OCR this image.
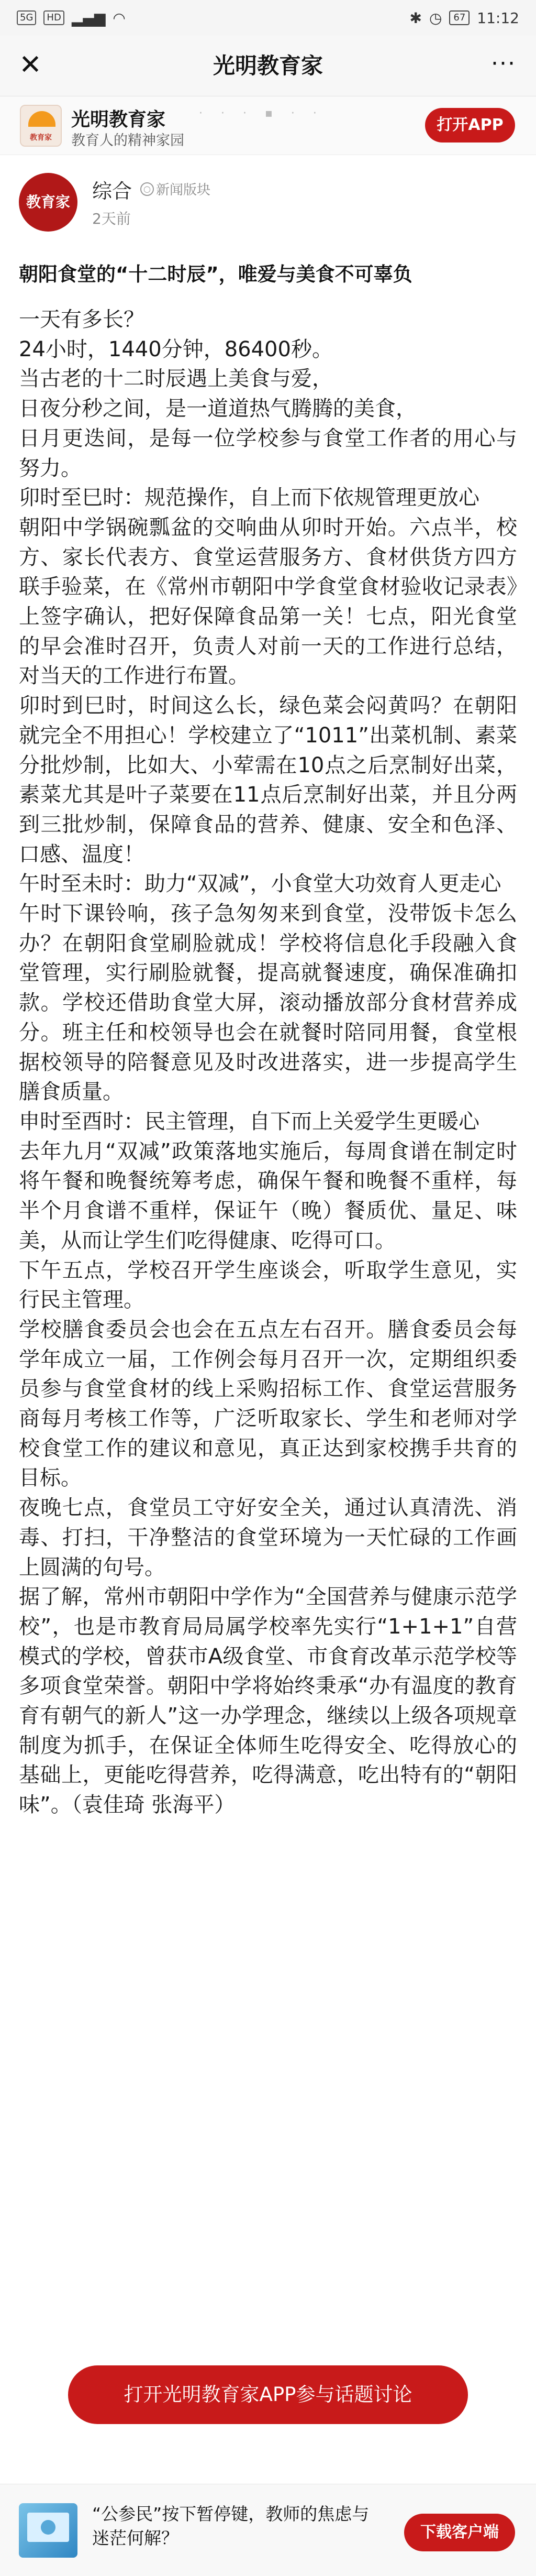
5G	HD ▂▄▆ ◠	✱ ◷	67 11:12
✕	光明教育家	···
教育家
光明教育家
教育人的精神家园
· · · ▪ · ·
打开APP
教育家	综合	○ 新闻版块
2天前
朝阳食堂的“十二时辰”，唯爱与美食不可辜负

一天有多长？

24小时，1440分钟，86400秒。

当古老的十二时辰遇上美食与爱，

日夜分秒之间，是一道道热气腾腾的美食，

日月更迭间，是每一位学校参与食堂工作者的用心与努力。

卯时至巳时：规范操作，自上而下依规管理更放心

朝阳中学锅碗瓢盆的交响曲从卯时开始。六点半，校方、家长代表方、食堂运营服务方、食材供货方四方联手验菜，在《常州市朝阳中学食堂食材验收记录表》上签字确认，把好保障食品第一关！七点，阳光食堂的早会准时召开，负责人对前一天的工作进行总结，对当天的工作进行布置。

卯时到巳时，时间这么长，绿色菜会闷黄吗？在朝阳就完全不用担心！学校建立了“1011”出菜机制、素菜分批炒制，比如大、小荤需在10点之后烹制好出菜，素菜尤其是叶子菜要在11点后烹制好出菜，并且分两到三批炒制，保障食品的营养、健康、安全和色泽、口感、温度！

午时至未时：助力“双减”，小食堂大功效育人更走心

午时下课铃响，孩子急匆匆来到食堂，没带饭卡怎么办？在朝阳食堂刷脸就成！学校将信息化手段融入食堂管理，实行刷脸就餐，提高就餐速度，确保准确扣款。学校还借助食堂大屏，滚动播放部分食材营养成分。班主任和校领导也会在就餐时陪同用餐，食堂根据校领导的陪餐意见及时改进落实，进一步提高学生膳食质量。

申时至酉时：民主管理，自下而上关爱学生更暖心

去年九月“双减”政策落地实施后，每周食谱在制定时将午餐和晚餐统筹考虑，确保午餐和晚餐不重样，每半个月食谱不重样，保证午（晚）餐质优、量足、味美，从而让学生们吃得健康、吃得可口。

下午五点，学校召开学生座谈会，听取学生意见，实行民主管理。

学校膳食委员会也会在五点左右召开。膳食委员会每学年成立一届，工作例会每月召开一次，定期组织委员参与食堂食材的线上采购招标工作、食堂运营服务商每月考核工作等，广泛听取家长、学生和老师对学校食堂工作的建议和意见，真正达到家校携手共育的目标。

夜晚七点，食堂员工守好安全关，通过认真清洗、消毒、打扫，干净整洁的食堂环境为一天忙碌的工作画上圆满的句号。

据了解，常州市朝阳中学作为“全国营养与健康示范学校”，也是市教育局局属学校率先实行“1+1+1”自营模式的学校，曾获市A级食堂、市食育改革示范学校等多项食堂荣誉。朝阳中学将始终秉承“办有温度的教育 育有朝气的新人”这一办学理念，继续以上级各项规章制度为抓手，在保证全体师生吃得安全、吃得放心的基础上，更能吃得营养，吃得满意，吃出特有的“朝阳味”。（袁佳琦 张海平）

打开光明教育家APP参与话题讨论
“公参民”按下暂停键，教师的焦虑与迷茫何解？	下载客户端
